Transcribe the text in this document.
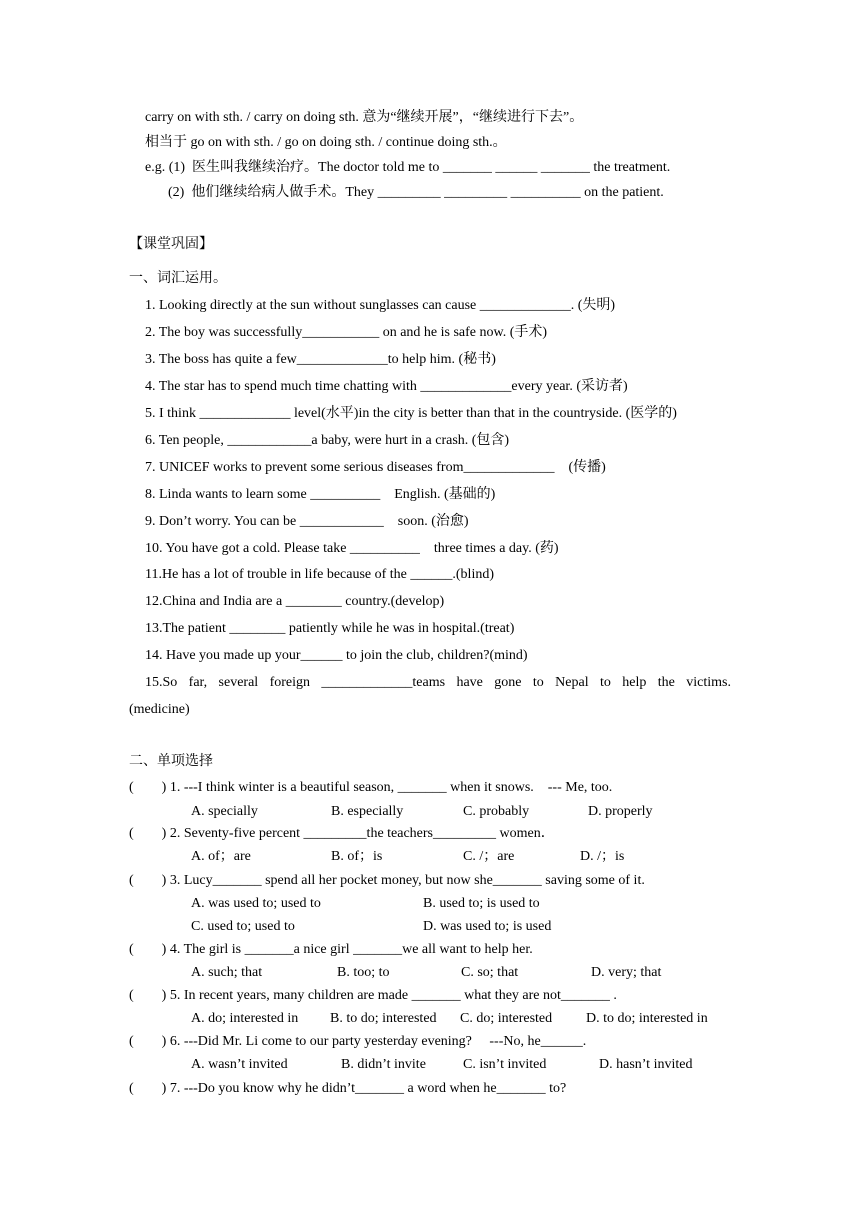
carry on with sth. / carry on doing sth. 意为“继续开展”，“继续进行下去”。
相当于 go on with sth. / go on doing sth. / continue doing sth.。
e.g. (1)  医生叫我继续治疗。The doctor told me to _______ ______ _______ the treatment.
(2)  他们继续给病人做手术。They _________ _________ __________ on the patient.
【课堂巩固】
一、词汇运用。
1. Looking directly at the sun without sunglasses can cause _____________. (失明)
2. The boy was successfully___________ on and he is safe now. (手术)
3. The boss has quite a few_____________to help him. (秘书)
4. The star has to spend much time chatting with _____________every year. (采访者)
5. I think _____________ level(水平)in the city is better than that in the countryside. (医学的)
6. Ten people, ____________a baby, were hurt in a crash. (包含)
7. UNICEF works to prevent some serious diseases from_____________    (传播)
8. Linda wants to learn some __________    English. (基础的)
9. Don’t worry. You can be ____________    soon. (治愈)
10. You have got a cold. Please take __________    three times a day. (药)
11.He has a lot of trouble in life because of the ______.(blind)
12.China and India are a ________ country.(develop)
13.The patient ________ patiently while he was in hospital.(treat)
14. Have you made up your______ to join the club, children?(mind)
15.So far, several foreign _____________teams have gone to Nepal to help the victims.
(medicine)
二、单项选择
(        ) 1. ---I think winter is a beautiful season, _______ when it snows.    --- Me, too.
A. specially	B. especially	C. probably	D. properly
(        ) 2. Seventy-five percent _________the teachers_________ women．
A. of；are	B. of；is	C. /；are	D. /；is
(        ) 3. Lucy_______ spend all her pocket money, but now she_______ saving some of it.
A. was used to; used to	B. used to; is used to
C. used to; used to	D. was used to; is used
(        ) 4. The girl is _______a nice girl _______we all want to help her.
A. such; that	B. too; to	C. so; that	D. very; that
(        ) 5. In recent years, many children are made _______ what they are not_______ .
A. do; interested in B. to do; interested C. do; interested D. to do; interested in
(        ) 6. ---Did Mr. Li come to our party yesterday evening?     ---No, he______.
A. wasn’t invited	B. didn’t invite	C. isn’t invited	D. hasn’t invited
(        ) 7. ---Do you know why he didn’t_______ a word when he_______ to?
